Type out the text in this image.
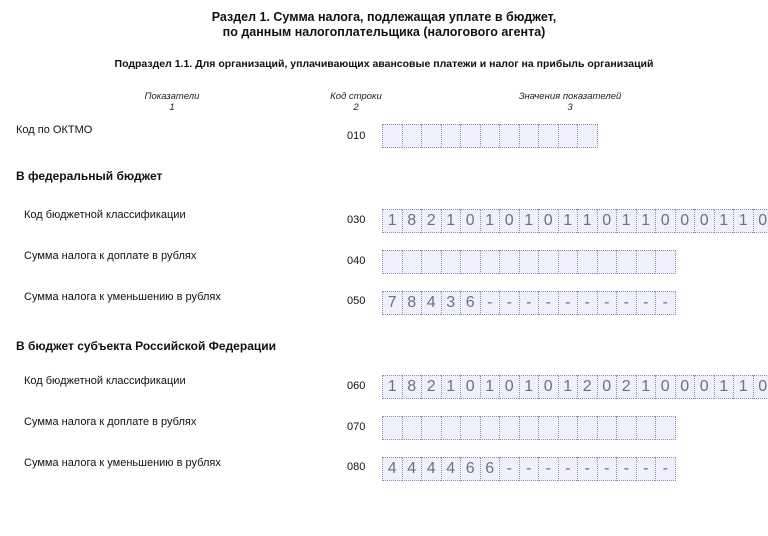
Раздел 1. Сумма налога, подлежащая уплате в бюджет,
по данным налогоплательщика (налогового агента)
Подраздел 1.1. Для организаций, уплачивающих авансовые платежи и налог на прибыль организаций
Показатели
1
Код строки
2
Значения показателей
3
Код по ОКТМО	010
В федеральный бюджет
Код бюджетной классификации	030	1 8 2 1 0 1 0 1 0 1 1 0 1 1 0 0 0 1 1 0
Сумма налога к доплате в рублях	040
Сумма налога к уменьшению в рублях	050	7 8 4 3 6 - - - - - - - - - -
В бюджет субъекта Российской Федерации
Код бюджетной классификации	060	1 8 2 1 0 1 0 1 0 1 2 0 2 1 0 0 0 1 1 0
Сумма налога к доплате в рублях	070
Сумма налога к уменьшению в рублях	080	4 4 4 4 6 6 - - - - - - - - -
